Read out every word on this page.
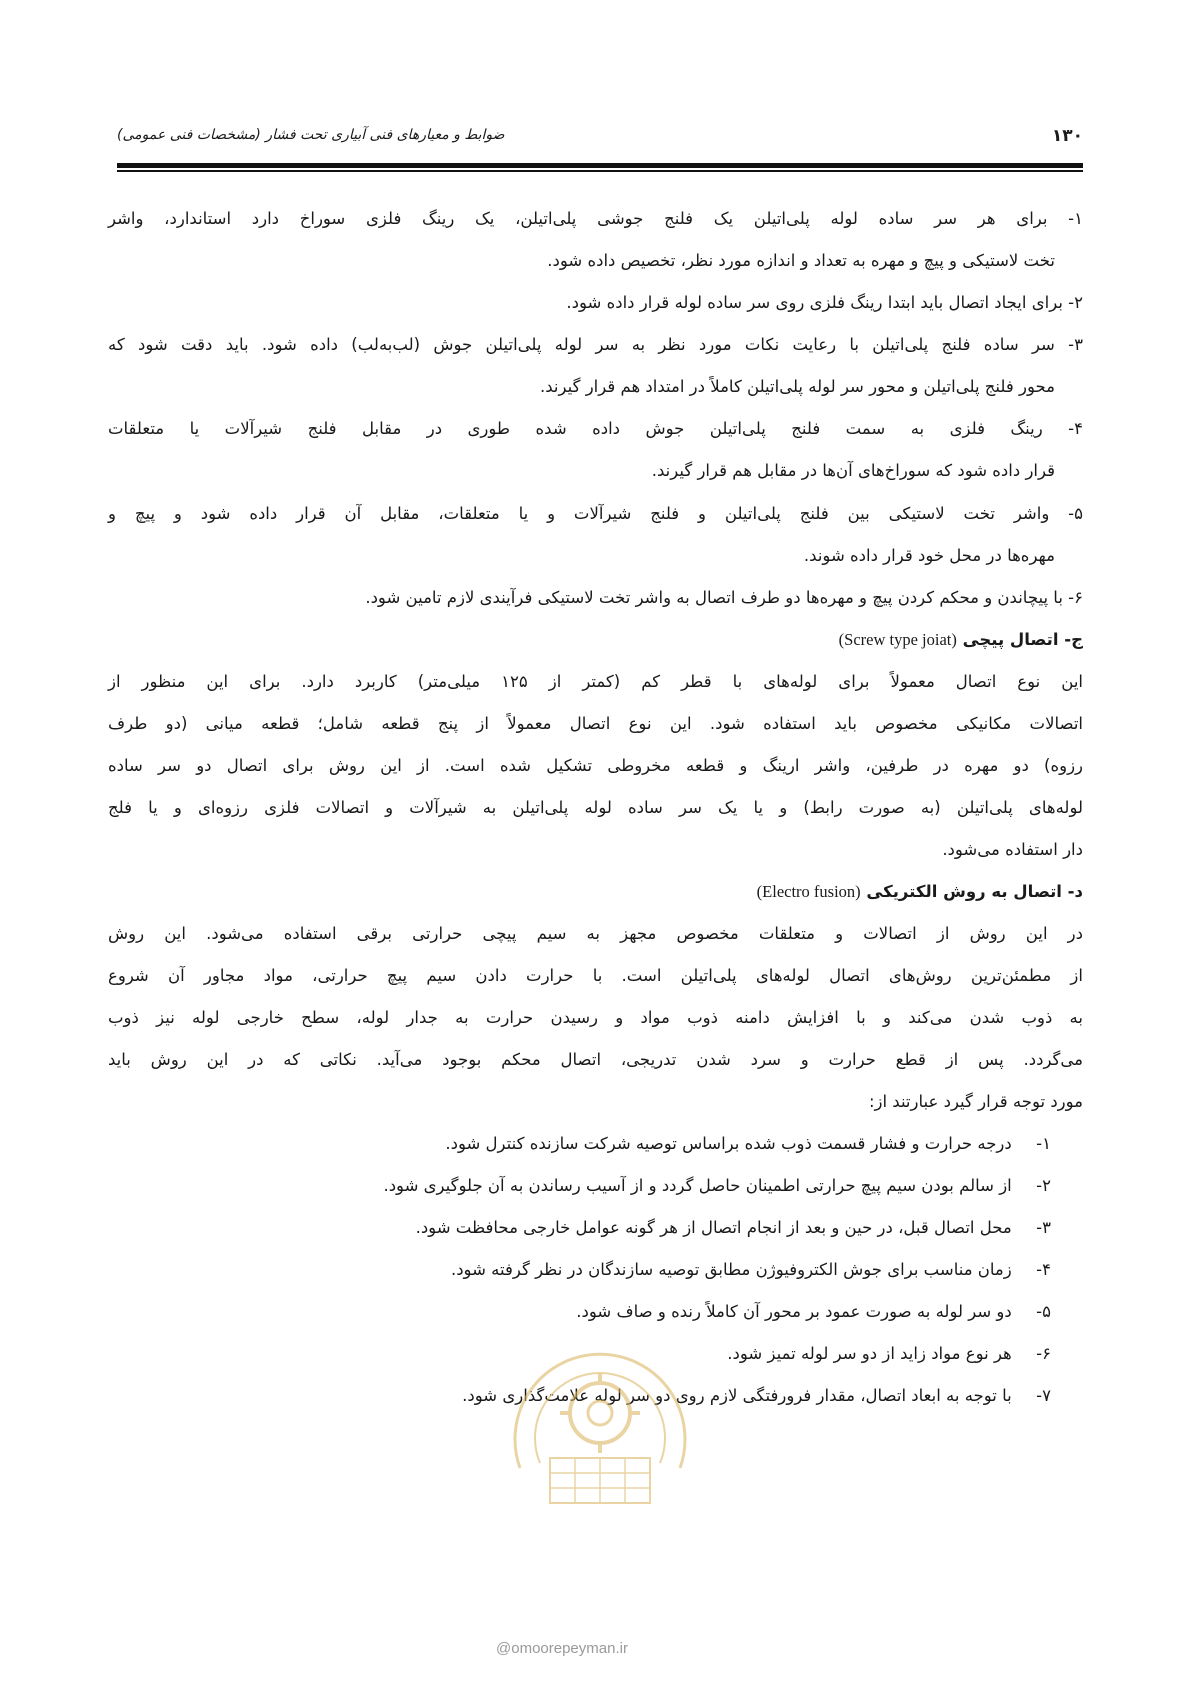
۱۳۰
ضوابط و معیارهای فنی آبیاری تحت فشار (مشخصات فنی عمومی)
۱- برای هر سر ساده لوله پلی‌اتیلن یک فلنج جوشی پلی‌اتیلن، یک رینگ فلزی سوراخ دارد استاندارد، واشر
تخت لاستیکی و پیچ و مهره به تعداد و اندازه مورد نظر، تخصیص داده شود.
۲- برای ایجاد اتصال باید ابتدا رینگ فلزی روی سر ساده لوله قرار داده شود.
۳- سر ساده فلنج پلی‌اتیلن با رعایت نکات مورد نظر به سر لوله پلی‌اتیلن جوش (لب‌به‌لب) داده شود. باید دقت شود که
محور فلنج پلی‌اتیلن و محور سر لوله پلی‌اتیلن کاملاً در امتداد هم قرار گیرند.
۴- رینگ فلزی به سمت فلنج پلی‌اتیلن جوش داده شده طوری در مقابل فلنج شیرآلات یا متعلقات
قرار داده شود که سوراخ‌های آن‌ها در مقابل هم قرار گیرند.
۵- واشر تخت لاستیکی بین فلنج پلی‌اتیلن و فلنج شیرآلات و یا متعلقات، مقابل آن قرار داده شود و پیچ و
مهره‌ها در محل خود قرار داده شوند.
۶- با پیچاندن و محکم کردن پیچ و مهره‌ها دو طرف اتصال به واشر تخت لاستیکی فرآیندی لازم تامین شود.
ج- اتصال پیچی (Screw type joiat)
این نوع اتصال معمولاً برای لوله‌های با قطر کم (کمتر از ۱۲۵ میلی‌متر) کاربرد دارد. برای این منظور از
اتصالات مکانیکی مخصوص باید استفاده شود. این نوع اتصال معمولاً از پنج قطعه شامل؛ قطعه میانی (دو طرف
رزوه) دو مهره در طرفین، واشر ارینگ و قطعه مخروطی تشکیل شده است. از این روش برای اتصال دو سر ساده
لوله‌های پلی‌اتیلن (به صورت رابط) و یا یک سر ساده لوله پلی‌اتیلن به شیرآلات و اتصالات فلزی رزوه‌ای و یا فلج
دار استفاده می‌شود.
د- اتصال به روش الکتریکی (Electro fusion)
در این روش از اتصالات و متعلقات مخصوص مجهز به سیم پیچی حرارتی برقی استفاده می‌شود. این روش
از مطمئن‌ترین روش‌های اتصال لوله‌های پلی‌اتیلن است. با حرارت دادن سیم پیچ حرارتی، مواد مجاور آن شروع
به ذوب شدن می‌کند و با افزایش دامنه ذوب مواد و رسیدن حرارت به جدار لوله، سطح خارجی لوله نیز ذوب
می‌گردد. پس از قطع حرارت و سرد شدن تدریجی، اتصال محکم بوجود می‌آید. نکاتی که در این روش باید
مورد توجه قرار گیرد عبارتند از:
۱- درجه حرارت و فشار قسمت ذوب شده براساس توصیه شرکت سازنده کنترل شود.
۲- از سالم بودن سیم پیچ حرارتی اطمینان حاصل گردد و از آسیب رساندن به آن جلوگیری شود.
۳- محل اتصال قبل، در حین و بعد از انجام اتصال از هر گونه عوامل خارجی محافظت شود.
۴- زمان مناسب برای جوش الکتروفیوژن مطابق توصیه سازندگان در نظر گرفته شود.
۵- دو سر لوله به صورت عمود بر محور آن کاملاً رنده و صاف شود.
۶- هر نوع مواد زاید از دو سر لوله تمیز شود.
۷- با توجه به ابعاد اتصال، مقدار فرورفتگی لازم روی دو سر لوله علامت‌گذاری شود.
@omoorepeyman.ir
